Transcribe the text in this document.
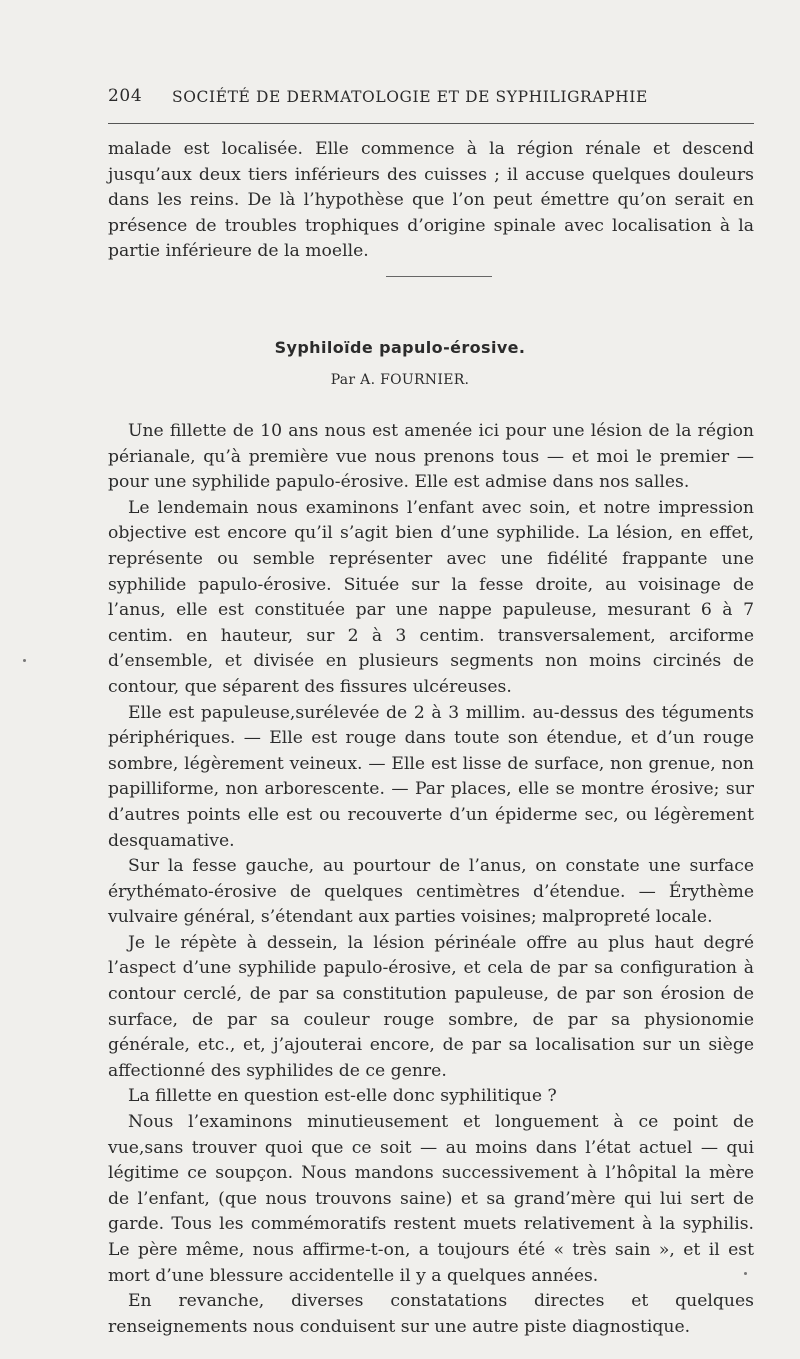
204 SOCIÉTÉ DE DERMATOLOGIE ET DE SYPHILIGRAPHIE

malade est localisée. Elle commence à la région rénale et descend jusqu’aux deux tiers inférieurs des cuisses ; il accuse quelques douleurs dans les reins. De là l’hypothèse que l’on peut émettre qu’on serait en présence de troubles trophiques d’origine spinale avec localisation à la partie inférieure de la moelle.

Syphiloïde papulo-érosive.
Par A. FOURNIER.

Une fillette de 10 ans nous est amenée ici pour une lésion de la région périanale, qu’à première vue nous prenons tous — et moi le premier — pour une syphilide papulo-érosive. Elle est admise dans nos salles.

Le lendemain nous examinons l’enfant avec soin, et notre impression objective est encore qu’il s’agit bien d’une syphilide. La lésion, en effet, représente ou semble représenter avec une fidélité frappante une syphilide papulo-érosive. Située sur la fesse droite, au voisinage de l’anus, elle est constituée par une nappe papuleuse, mesurant 6 à 7 centim. en hauteur, sur 2 à 3 centim. transversalement, arciforme d’ensemble, et divisée en plusieurs segments non moins circinés de contour, que séparent des fissures ulcéreuses.

Elle est papuleuse,surélevée de 2 à 3 millim. au-dessus des téguments périphériques. — Elle est rouge dans toute son étendue, et d’un rouge sombre, légèrement veineux. — Elle est lisse de surface, non grenue, non papilliforme, non arborescente. — Par places, elle se montre érosive; sur d’autres points elle est ou recouverte d’un épiderme sec, ou légèrement desquamative.

Sur la fesse gauche, au pourtour de l’anus, on constate une surface érythémato-érosive de quelques centimètres d’étendue. — Érythème vulvaire général, s’étendant aux parties voisines; malpropreté locale.

Je le répète à dessein, la lésion périnéale offre au plus haut degré l’aspect d’une syphilide papulo-érosive, et cela de par sa configuration à contour cerclé, de par sa constitution papuleuse, de par son érosion de surface, de par sa couleur rouge sombre, de par sa physionomie générale, etc., et, j’ajouterai encore, de par sa localisation sur un siège affectionné des syphilides de ce genre.

La fillette en question est-elle donc syphilitique ?

Nous l’examinons minutieusement et longuement à ce point de vue,sans trouver quoi que ce soit — au moins dans l’état actuel — qui légitime ce soupçon. Nous mandons successivement à l’hôpital la mère de l’enfant, (que nous trouvons saine) et sa grand’mère qui lui sert de garde. Tous les commémoratifs restent muets relativement à la syphilis. Le père même, nous affirme-t-on, a toujours été « très sain », et il est mort d’une blessure accidentelle il y a quelques années.

En revanche, diverses constatations directes et quelques renseignements nous conduisent sur une autre piste diagnostique.
